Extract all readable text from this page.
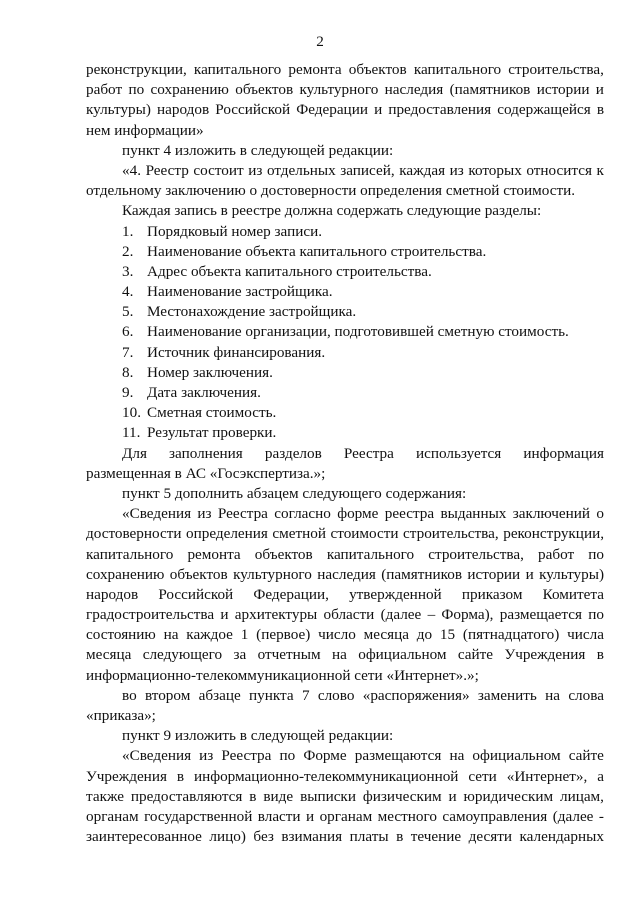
2
реконструкции, капитального ремонта объектов капитального строительства,
работ по сохранению объектов культурного наследия (памятников истории и
культуры) народов Российской Федерации и предоставления содержащейся в
нем информации»
пункт 4 изложить в следующей редакции:
«4. Реестр состоит из отдельных записей, каждая из которых относится к
отдельному заключению о достоверности определения сметной стоимости.
Каждая запись в реестре должна содержать следующие разделы:
1. Порядковый номер записи.
2. Наименование объекта капитального строительства.
3. Адрес объекта капитального строительства.
4. Наименование застройщика.
5. Местонахождение застройщика.
6. Наименование организации, подготовившей сметную стоимость.
7. Источник финансирования.
8. Номер заключения.
9. Дата заключения.
10. Сметная стоимость.
11. Результат проверки.
Для заполнения разделов Реестра используется информация
размещенная в АС «Госэкспертиза.»;
пункт 5 дополнить абзацем следующего содержания:
«Сведения из Реестра согласно форме реестра выданных заключений о
достоверности определения сметной стоимости строительства, реконструкции,
капитального ремонта объектов капитального строительства, работ по
сохранению объектов культурного наследия (памятников истории и культуры)
народов Российской Федерации, утвержденной приказом Комитета
градостроительства и архитектуры области (далее – Форма), размещается по
состоянию на каждое 1 (первое) число месяца до 15 (пятнадцатого) числа
месяца следующего за отчетным на официальном сайте Учреждения в
информационно-телекоммуникационной сети «Интернет».»;
во втором абзаце пункта 7 слово «распоряжения» заменить на слова
«приказа»;
пункт 9 изложить в следующей редакции:
«Сведения из Реестра по Форме размещаются на официальном сайте
Учреждения в информационно-телекоммуникационной сети «Интернет», а
также предоставляются в виде выписки физическим и юридическим лицам,
органам государственной власти и органам местного самоуправления (далее -
заинтересованное лицо) без взимания платы в течение десяти календарных
